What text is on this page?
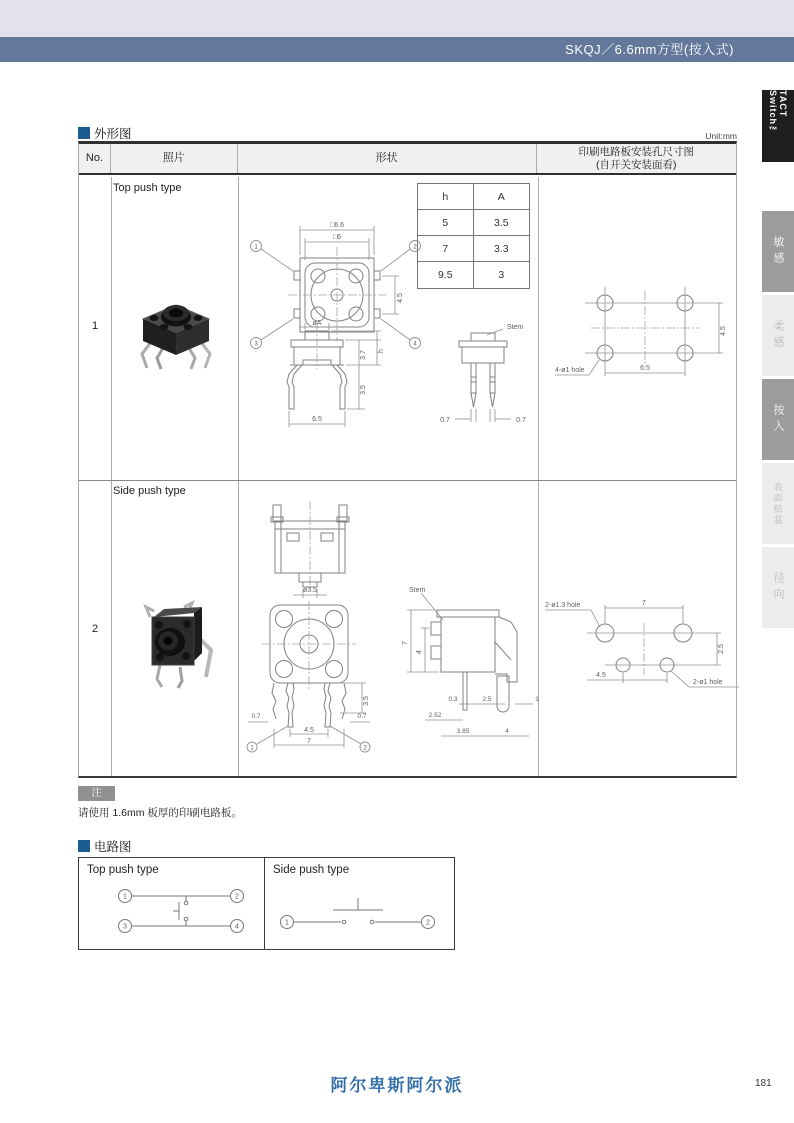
SKQJ／6.6mm方型(按入式)
TACT Switch™
敏感
柔感
按入
表面贴装
径向
外形图	Unit:mm
No.	照片	形状
印刷电路板安装孔尺寸图
(自开关安装面看)
1
Top push type
□6.6
□6
4.5
1	2
3	4
h	A
5	3.5
7	3.3
9.5	3
øA
3.7 h
3.5
6.5
Stem
0.7	0.7
4.5
6.5
4-ø1 hole
2
Side push type
ø3.5
0.7	0.7
3.5
4.5
7
1	2
Stem
7
4
0.3	2.5	1
2.52
3.85	4
7
2.5
4.5
2-ø1.3 hole
2-ø1 hole
注
请使用 1.6mm 板厚的印刷电路板。
电路图
Top push type
1	2
3	4
Side push type
1	2
阿尔卑斯阿尔派	181
